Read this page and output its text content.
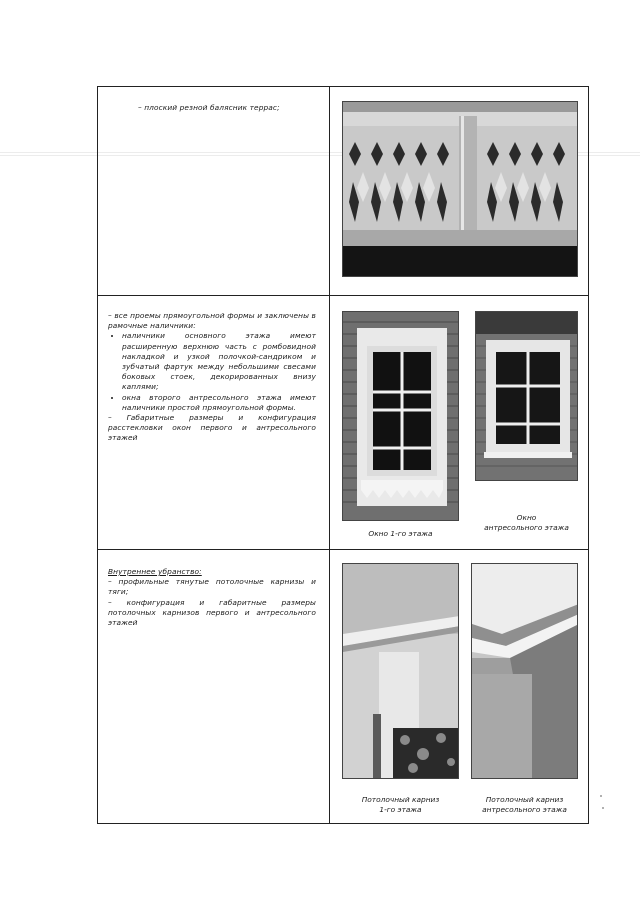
– плоский резной балясник террас;

– все проемы прямоугольной формы и заключены в рамочные наличники:

• наличники основного этажа имеют расширенную верхнюю часть с ромбовидной накладкой и узкой полочкой-сандриком и зубчатый фартук между небольшими свесами боковых стоек, декорированных внизу каплями;
• окна второго антресольного этажа имеют наличники простой прямоугольной формы.

– Габаритные размеры и конфигурация расстекловки окон первого и антресольного этажей

Окно 1-го этажа
Окно
антресольного этажа

Внутреннее убранство:

– профильные тянутые потолочные карнизы и тяги;

– конфигурация и габаритные размеры потолочных карнизов первого и антресольного этажей

Потолочный карниз
1-го этажа
Потолочный карниз
антресольного этажа
